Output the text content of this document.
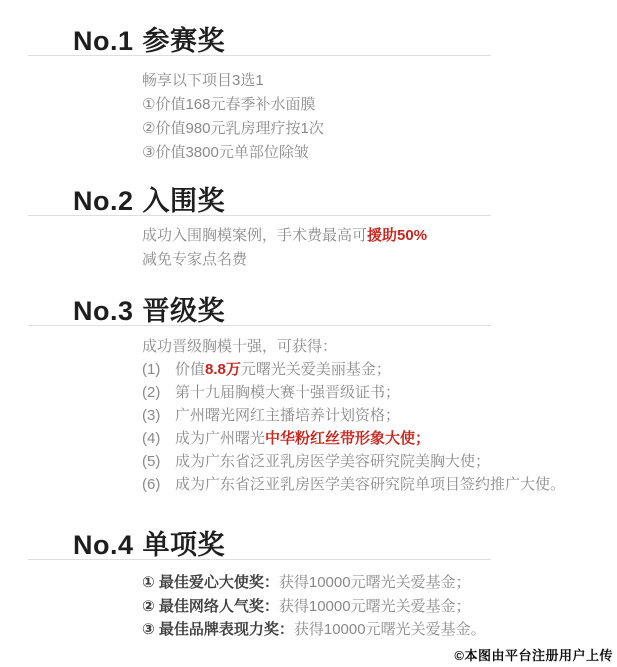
No.1 参赛奖
畅享以下项目3选1
①价值168元春季补水面膜
②价值980元乳房理疗按1次
③价值3800元单部位除皱
No.2 入围奖
成功入围胸模案例，手术费最高可援助50%
减免专家点名费
No.3 晋级奖
成功晋级胸模十强，可获得：
(1) 价值8.8万元曙光关爱美丽基金；
(2) 第十九届胸模大赛十强晋级证书；
(3) 广州曙光网红主播培养计划资格；
(4) 成为广州曙光中华粉红丝带形象大使；
(5) 成为广东省泛亚乳房医学美容研究院美胸大使；
(6) 成为广东省泛亚乳房医学美容研究院单项目签约推广大使。
No.4 单项奖
① 最佳爱心大使奖：获得10000元曙光关爱基金；
② 最佳网络人气奖：获得10000元曙光关爱基金；
③ 最佳品牌表现力奖：获得10000元曙光关爱基金。
©本图由平台注册用户上传
